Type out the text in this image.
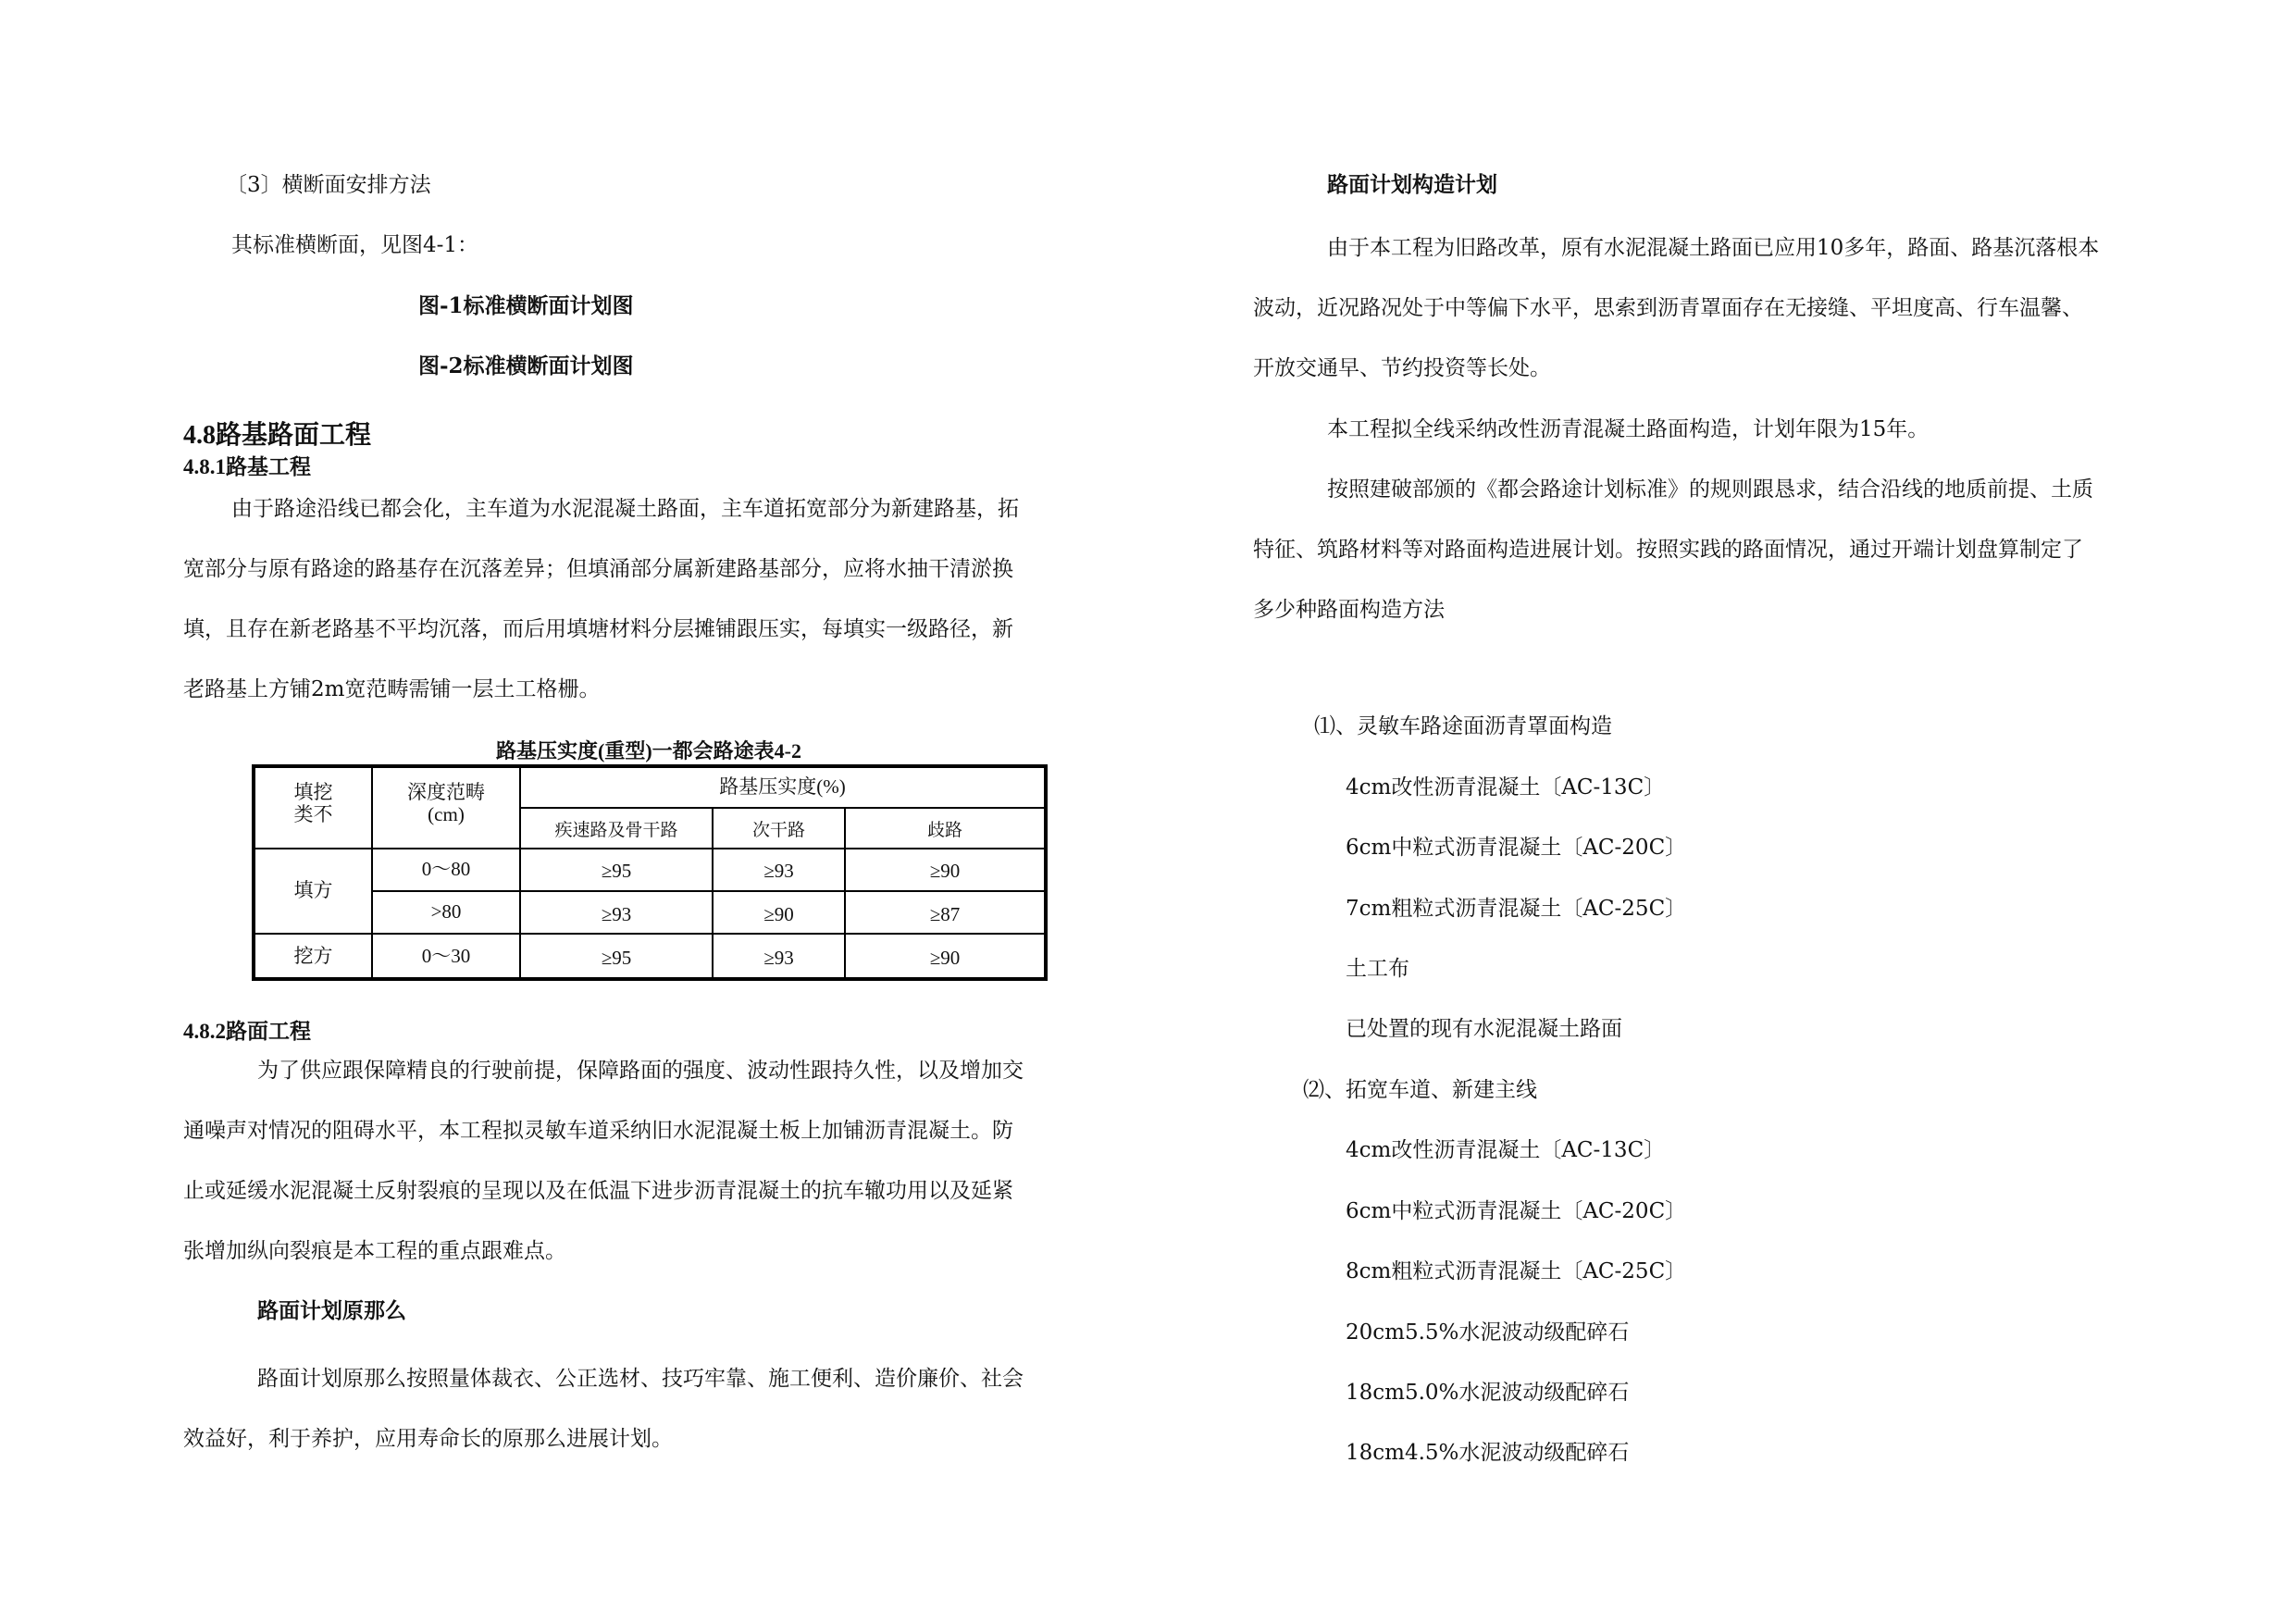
〔3〕横断面安排方法
其标准横断面，见图4-1：
图-1标准横断面计划图
图-2标准横断面计划图
4.8路基路面工程
4.8.1路基工程
由于路途沿线已都会化，主车道为水泥混凝土路面，主车道拓宽部分为新建路基，拓
宽部分与原有路途的路基存在沉落差异；但填涌部分属新建路基部分，应将水抽干清淤换
填，且存在新老路基不平均沉落，而后用填塘材料分层摊铺跟压实，每填实一级路径，新
老路基上方铺2m宽范畴需铺一层土工格栅。
路基压实度(重型)一都会路途表4-2
填挖
类不
深度范畴
(cm)
路基压实度(%)
疾速路及骨干路	次干路	歧路
填方
0～80	≥95	≥93	≥90
>80	≥93	≥90	≥87
挖方	0～30	≥95	≥93	≥90
4.8.2路面工程
为了供应跟保障精良的行驶前提，保障路面的强度、波动性跟持久性，以及增加交
通噪声对情况的阻碍水平，本工程拟灵敏车道采纳旧水泥混凝土板上加铺沥青混凝土。防
止或延缓水泥混凝土反射裂痕的呈现以及在低温下进步沥青混凝土的抗车辙功用以及延紧
张增加纵向裂痕是本工程的重点跟难点。
路面计划原那么
路面计划原那么按照量体裁衣、公正选材、技巧牢靠、施工便利、造价廉价、社会
效益好，利于养护，应用寿命长的原那么进展计划。
路面计划构造计划
由于本工程为旧路改革，原有水泥混凝土路面已应用10多年，路面、路基沉落根本
波动，近况路况处于中等偏下水平，思索到沥青罩面存在无接缝、平坦度高、行车温馨、
开放交通早、节约投资等长处。
本工程拟全线采纳改性沥青混凝土路面构造，计划年限为15年。
按照建破部颁的《都会路途计划标准》的规则跟恳求，结合沿线的地质前提、土质
特征、筑路材料等对路面构造进展计划。按照实践的路面情况，通过开端计划盘算制定了
多少种路面构造方法
⑴、灵敏车路途面沥青罩面构造
4cm改性沥青混凝土〔AC-13C〕
6cm中粒式沥青混凝土〔AC-20C〕
7cm粗粒式沥青混凝土〔AC-25C〕
土工布
已处置的现有水泥混凝土路面
⑵、拓宽车道、新建主线
4cm改性沥青混凝土〔AC-13C〕
6cm中粒式沥青混凝土〔AC-20C〕
8cm粗粒式沥青混凝土〔AC-25C〕
20cm5.5%水泥波动级配碎石
18cm5.0%水泥波动级配碎石
18cm4.5%水泥波动级配碎石
